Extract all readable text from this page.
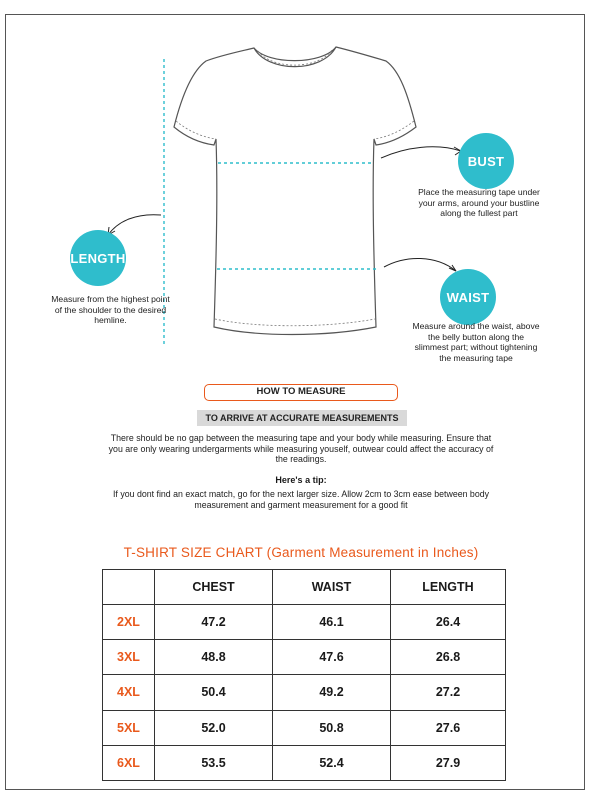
LENGTH
BUST
WAIST
Measure from the highest point of the shoulder to the desired hemline.
Place the measuring tape under your arms, around your bustline along the fullest part
Measure around the waist, above the belly button along the slimmest part; without tightening the measuring tape
HOW TO MEASURE
TO ARRIVE AT ACCURATE MEASUREMENTS
There should be no gap between the measuring tape and your body while measuring. Ensure that you are only wearing undergarments while measuring youself, outwear could affect the accuracy of the readings.
Here's a tip:
If you dont find an exact match, go for the next larger size. Allow 2cm to 3cm ease between body measurement and garment measurement for a good fit
T-SHIRT SIZE CHART (Garment Measurement in Inches)
	CHEST	WAIST	LENGTH
2XL	47.2	46.1	26.4
3XL	48.8	47.6	26.8
4XL	50.4	49.2	27.2
5XL	52.0	50.8	27.6
6XL	53.5	52.4	27.9
